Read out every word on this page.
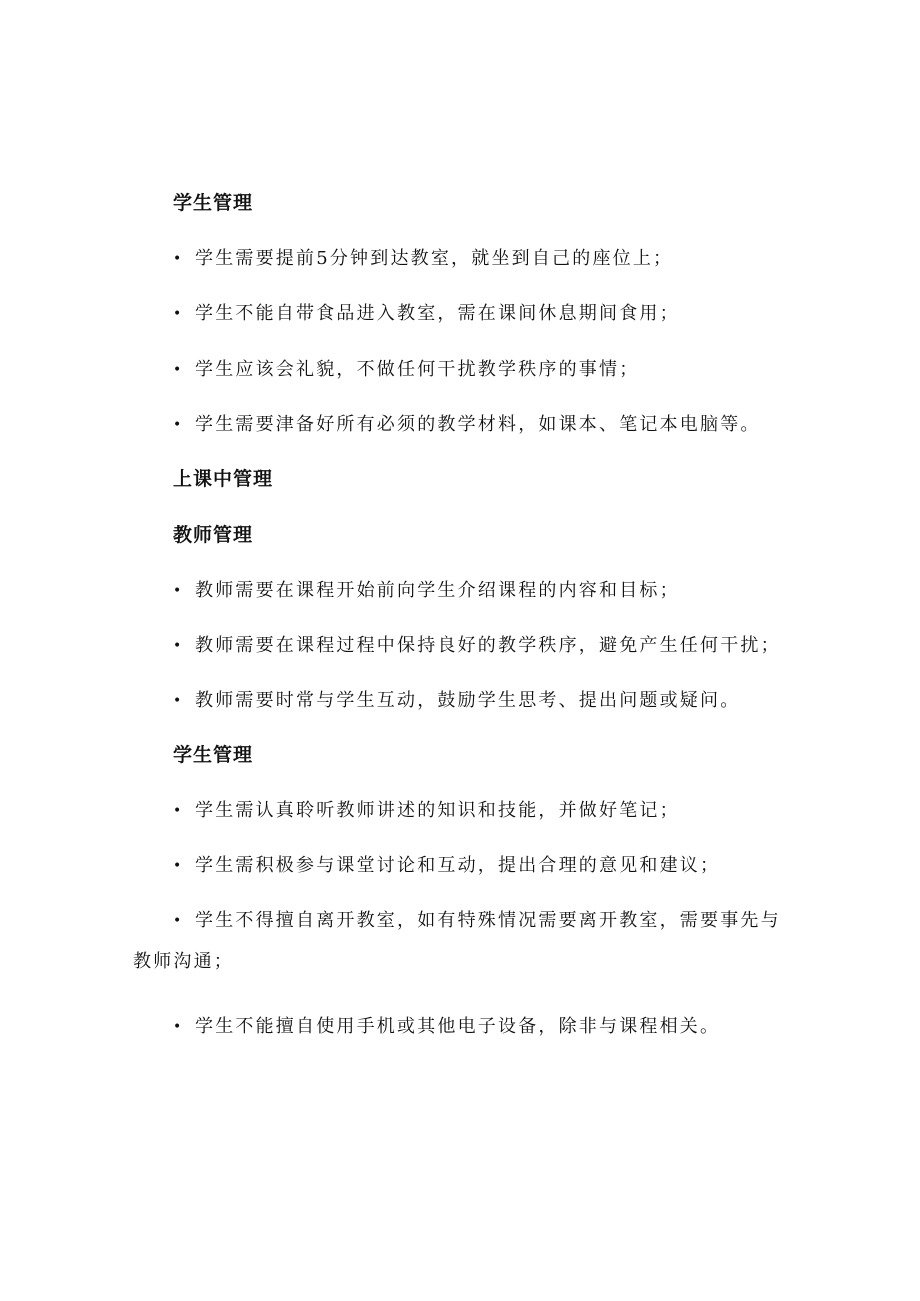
学生管理
• 学生需要提前5分钟到达教室，就坐到自己的座位上；
• 学生不能自带食品进入教室，需在课间休息期间食用；
• 学生应该会礼貌，不做任何干扰教学秩序的事情；
• 学生需要津备好所有必须的教学材料，如课本、笔记本电脑等。
上课中管理
教师管理
• 教师需要在课程开始前向学生介绍课程的内容和目标；
• 教师需要在课程过程中保持良好的教学秩序，避免产生任何干扰；
• 教师需要时常与学生互动，鼓励学生思考、提出问题或疑问。
学生管理
• 学生需认真聆听教师讲述的知识和技能，并做好笔记；
• 学生需积极参与课堂讨论和互动，提出合理的意见和建议；
• 学生不得擅自离开教室，如有特殊情况需要离开教室，需要事先与
教师沟通；
• 学生不能擅自使用手机或其他电子设备，除非与课程相关。
